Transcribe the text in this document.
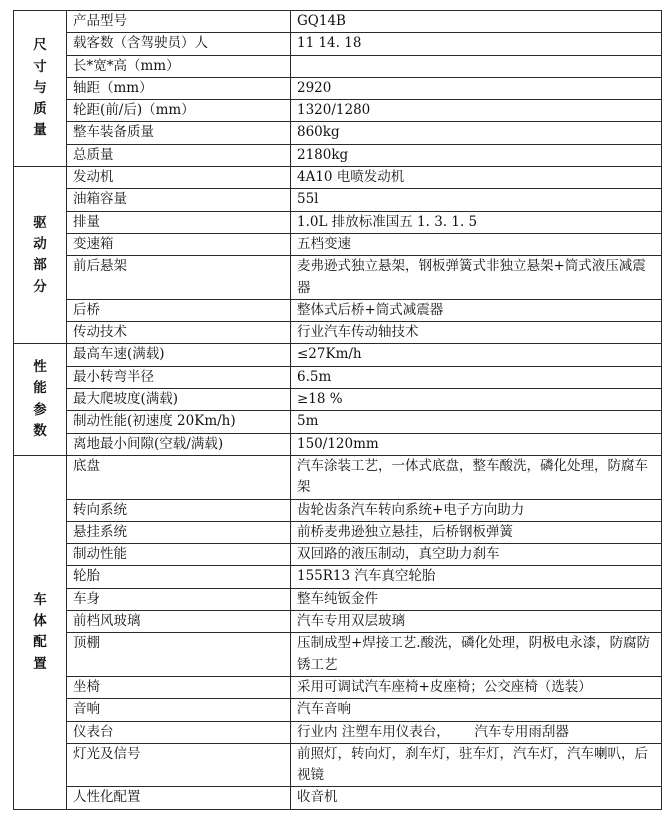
尺寸与质量	产品型号	GQ14B
	载客数（含驾驶员）人	11 14. 18
	长*宽*高（mm）	
	轴距（mm）	2920
	轮距(前/后)（mm）	1320/1280
	整车装备质量	860kg
	总质量	2180kg

驱动部分	发动机	4A10 电喷发动机
	油箱容量	55l
	排量	1.0L 排放标准国五 1. 3. 1. 5
	变速箱	五档变速
	前后悬架	麦弗逊式独立悬架，钢板弹簧式非独立悬架+筒式液压减震器
	后桥	整体式后桥+筒式减震器
	传动技术	行业汽车传动轴技术

性能参数	最高车速(满载)	≤27Km/h
	最小转弯半径	6.5m
	最大爬坡度(满载)	≥18 %
	制动性能(初速度 20Km/h)	5m
	离地最小间隙(空载/满载)	150/120mm

车体配置	底盘	汽车涂装工艺，一体式底盘，整车酸洗，磷化处理，防腐车架
	转向系统	齿轮齿条汽车转向系统+电子方向助力
	悬挂系统	前桥麦弗逊独立悬挂，后桥钢板弹簧
	制动性能	双回路的液压制动，真空助力刹车
	轮胎	155R13 汽车真空轮胎
	车身	整车纯钣金件
	前档风玻璃	汽车专用双层玻璃
	顶棚	压制成型+焊接工艺.酸洗，磷化处理，阴极电永漆，防腐防锈工艺
	坐椅	采用可调试汽车座椅+皮座椅；公交座椅（选装）
	音响	汽车音响
	仪表台	行业内 注塑车用仪表台，　　 汽车专用雨刮器
	灯光及信号	前照灯，转向灯，刹车灯，驻车灯，汽车灯，汽车喇叭，后视镜
	人性化配置	收音机
